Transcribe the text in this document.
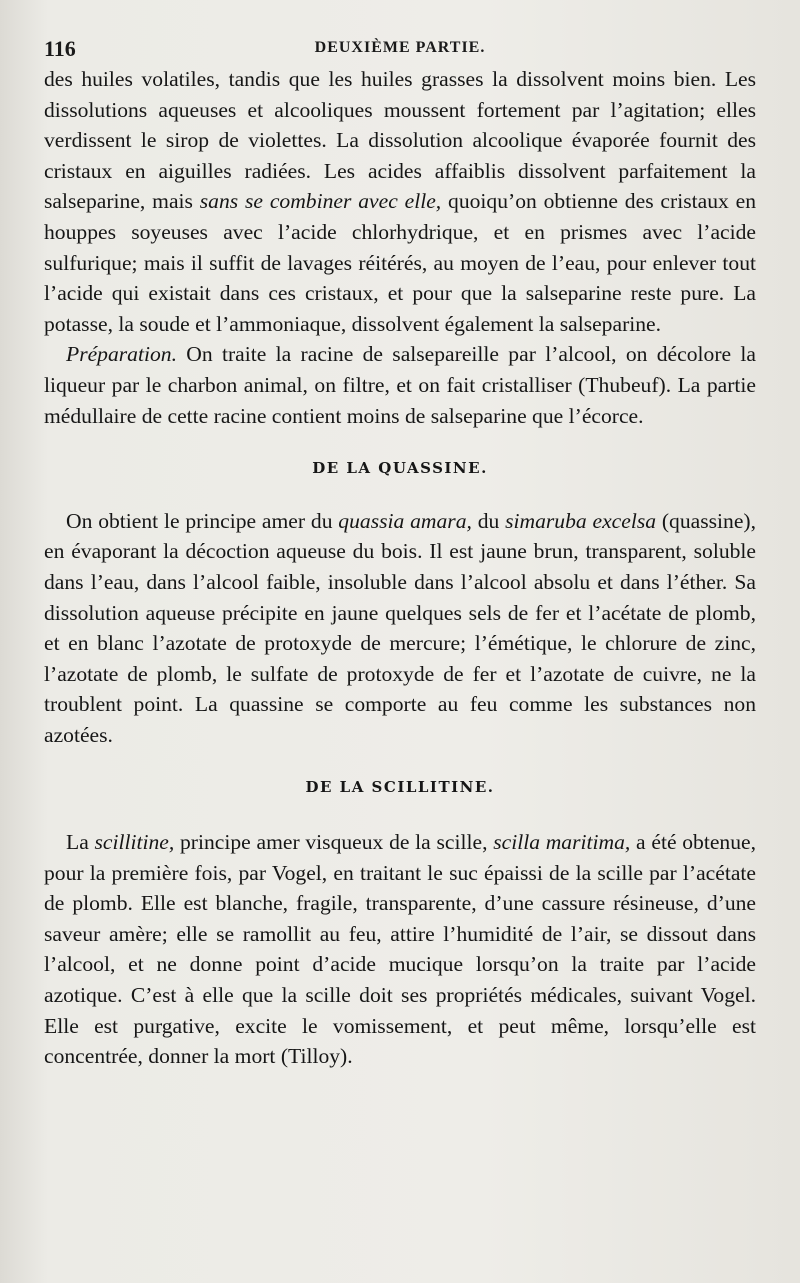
116	DEUXIÈME PARTIE.

des huiles volatiles, tandis que les huiles grasses la dissolvent moins bien. Les dissolutions aqueuses et alcooliques moussent fortement par l’agitation; elles verdissent le sirop de violettes. La dissolution alcoolique évaporée fournit des cristaux en aiguilles radiées. Les acides affaiblis dissolvent parfaitement la salseparine, mais sans se combiner avec elle, quoiqu’on obtienne des cristaux en houppes soyeuses avec l’acide chlorhydrique, et en prismes avec l’acide sulfurique; mais il suffit de lavages réitérés, au moyen de l’eau, pour enlever tout l’acide qui existait dans ces cristaux, et pour que la salseparine reste pure. La potasse, la soude et l’ammoniaque, dissolvent également la salseparine.

Préparation. On traite la racine de salsepareille par l’alcool, on décolore la liqueur par le charbon animal, on filtre, et on fait cristalliser (Thubeuf). La partie médullaire de cette racine contient moins de salseparine que l’écorce.

DE LA QUASSINE.

On obtient le principe amer du quassia amara, du simaruba excelsa (quassine), en évaporant la décoction aqueuse du bois. Il est jaune brun, transparent, soluble dans l’eau, dans l’alcool faible, insoluble dans l’alcool absolu et dans l’éther. Sa dissolution aqueuse précipite en jaune quelques sels de fer et l’acétate de plomb, et en blanc l’azotate de protoxyde de mercure; l’émétique, le chlorure de zinc, l’azotate de plomb, le sulfate de protoxyde de fer et l’azotate de cuivre, ne la troublent point. La quassine se comporte au feu comme les substances non azotées.

DE LA SCILLITINE.

La scillitine, principe amer visqueux de la scille, scilla maritima, a été obtenue, pour la première fois, par Vogel, en traitant le suc épaissi de la scille par l’acétate de plomb. Elle est blanche, fragile, transparente, d’une cassure résineuse, d’une saveur amère; elle se ramollit au feu, attire l’humidité de l’air, se dissout dans l’alcool, et ne donne point d’acide mucique lorsqu’on la traite par l’acide azotique. C’est à elle que la scille doit ses propriétés médicales, suivant Vogel. Elle est purgative, excite le vomissement, et peut même, lorsqu’elle est concentrée, donner la mort (Tilloy).
